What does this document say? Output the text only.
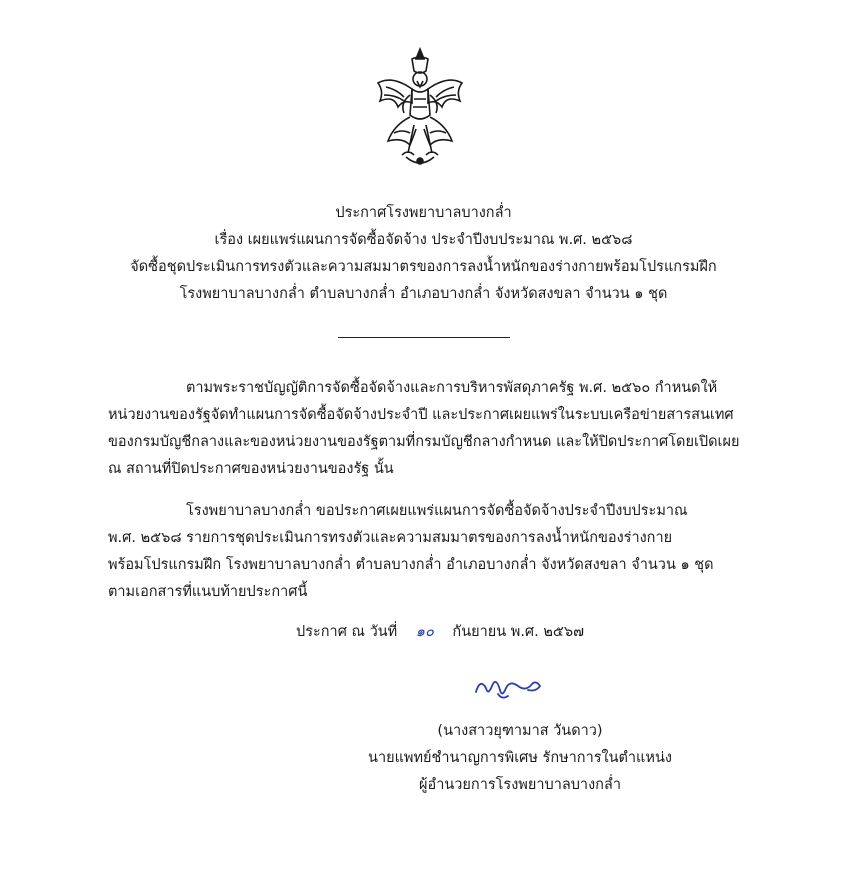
ประกาศโรงพยาบาลบางกล่ำ
เรื่อง เผยแพร่แผนการจัดซื้อจัดจ้าง ประจำปีงบประมาณ พ.ศ. ๒๕๖๘
จัดซื้อชุดประเมินการทรงตัวและความสมมาตรของการลงน้ำหนักของร่างกายพร้อมโปรแกรมฝึก
โรงพยาบาลบางกล่ำ ตำบลบางกล่ำ อำเภอบางกล่ำ จังหวัดสงขลา จำนวน ๑ ชุด
ตามพระราชบัญญัติการจัดซื้อจัดจ้างและการบริหารพัสดุภาครัฐ พ.ศ. ๒๕๖๐ กำหนดให้
หน่วยงานของรัฐจัดทำแผนการจัดซื้อจัดจ้างประจำปี และประกาศเผยแพร่ในระบบเครือข่ายสารสนเทศ
ของกรมบัญชีกลางและของหน่วยงานของรัฐตามที่กรมบัญชีกลางกำหนด และให้ปิดประกาศโดยเปิดเผย
ณ สถานที่ปิดประกาศของหน่วยงานของรัฐ นั้น
โรงพยาบาลบางกล่ำ ขอประกาศเผยแพร่แผนการจัดซื้อจัดจ้างประจำปีงบประมาณ
พ.ศ. ๒๕๖๘ รายการชุดประเมินการทรงตัวและความสมมาตรของการลงน้ำหนักของร่างกาย
พร้อมโปรแกรมฝึก โรงพยาบาลบางกล่ำ ตำบลบางกล่ำ อำเภอบางกล่ำ จังหวัดสงขลา จำนวน ๑ ชุด
ตามเอกสารที่แนบท้ายประกาศนี้
ประกาศ ณ วันที่ ๑๐ กันยายน พ.ศ. ๒๕๖๗
(นางสาวยุฑามาส วันดาว)
นายแพทย์ชำนาญการพิเศษ รักษาการในตำแหน่ง
ผู้อำนวยการโรงพยาบาลบางกล่ำ
